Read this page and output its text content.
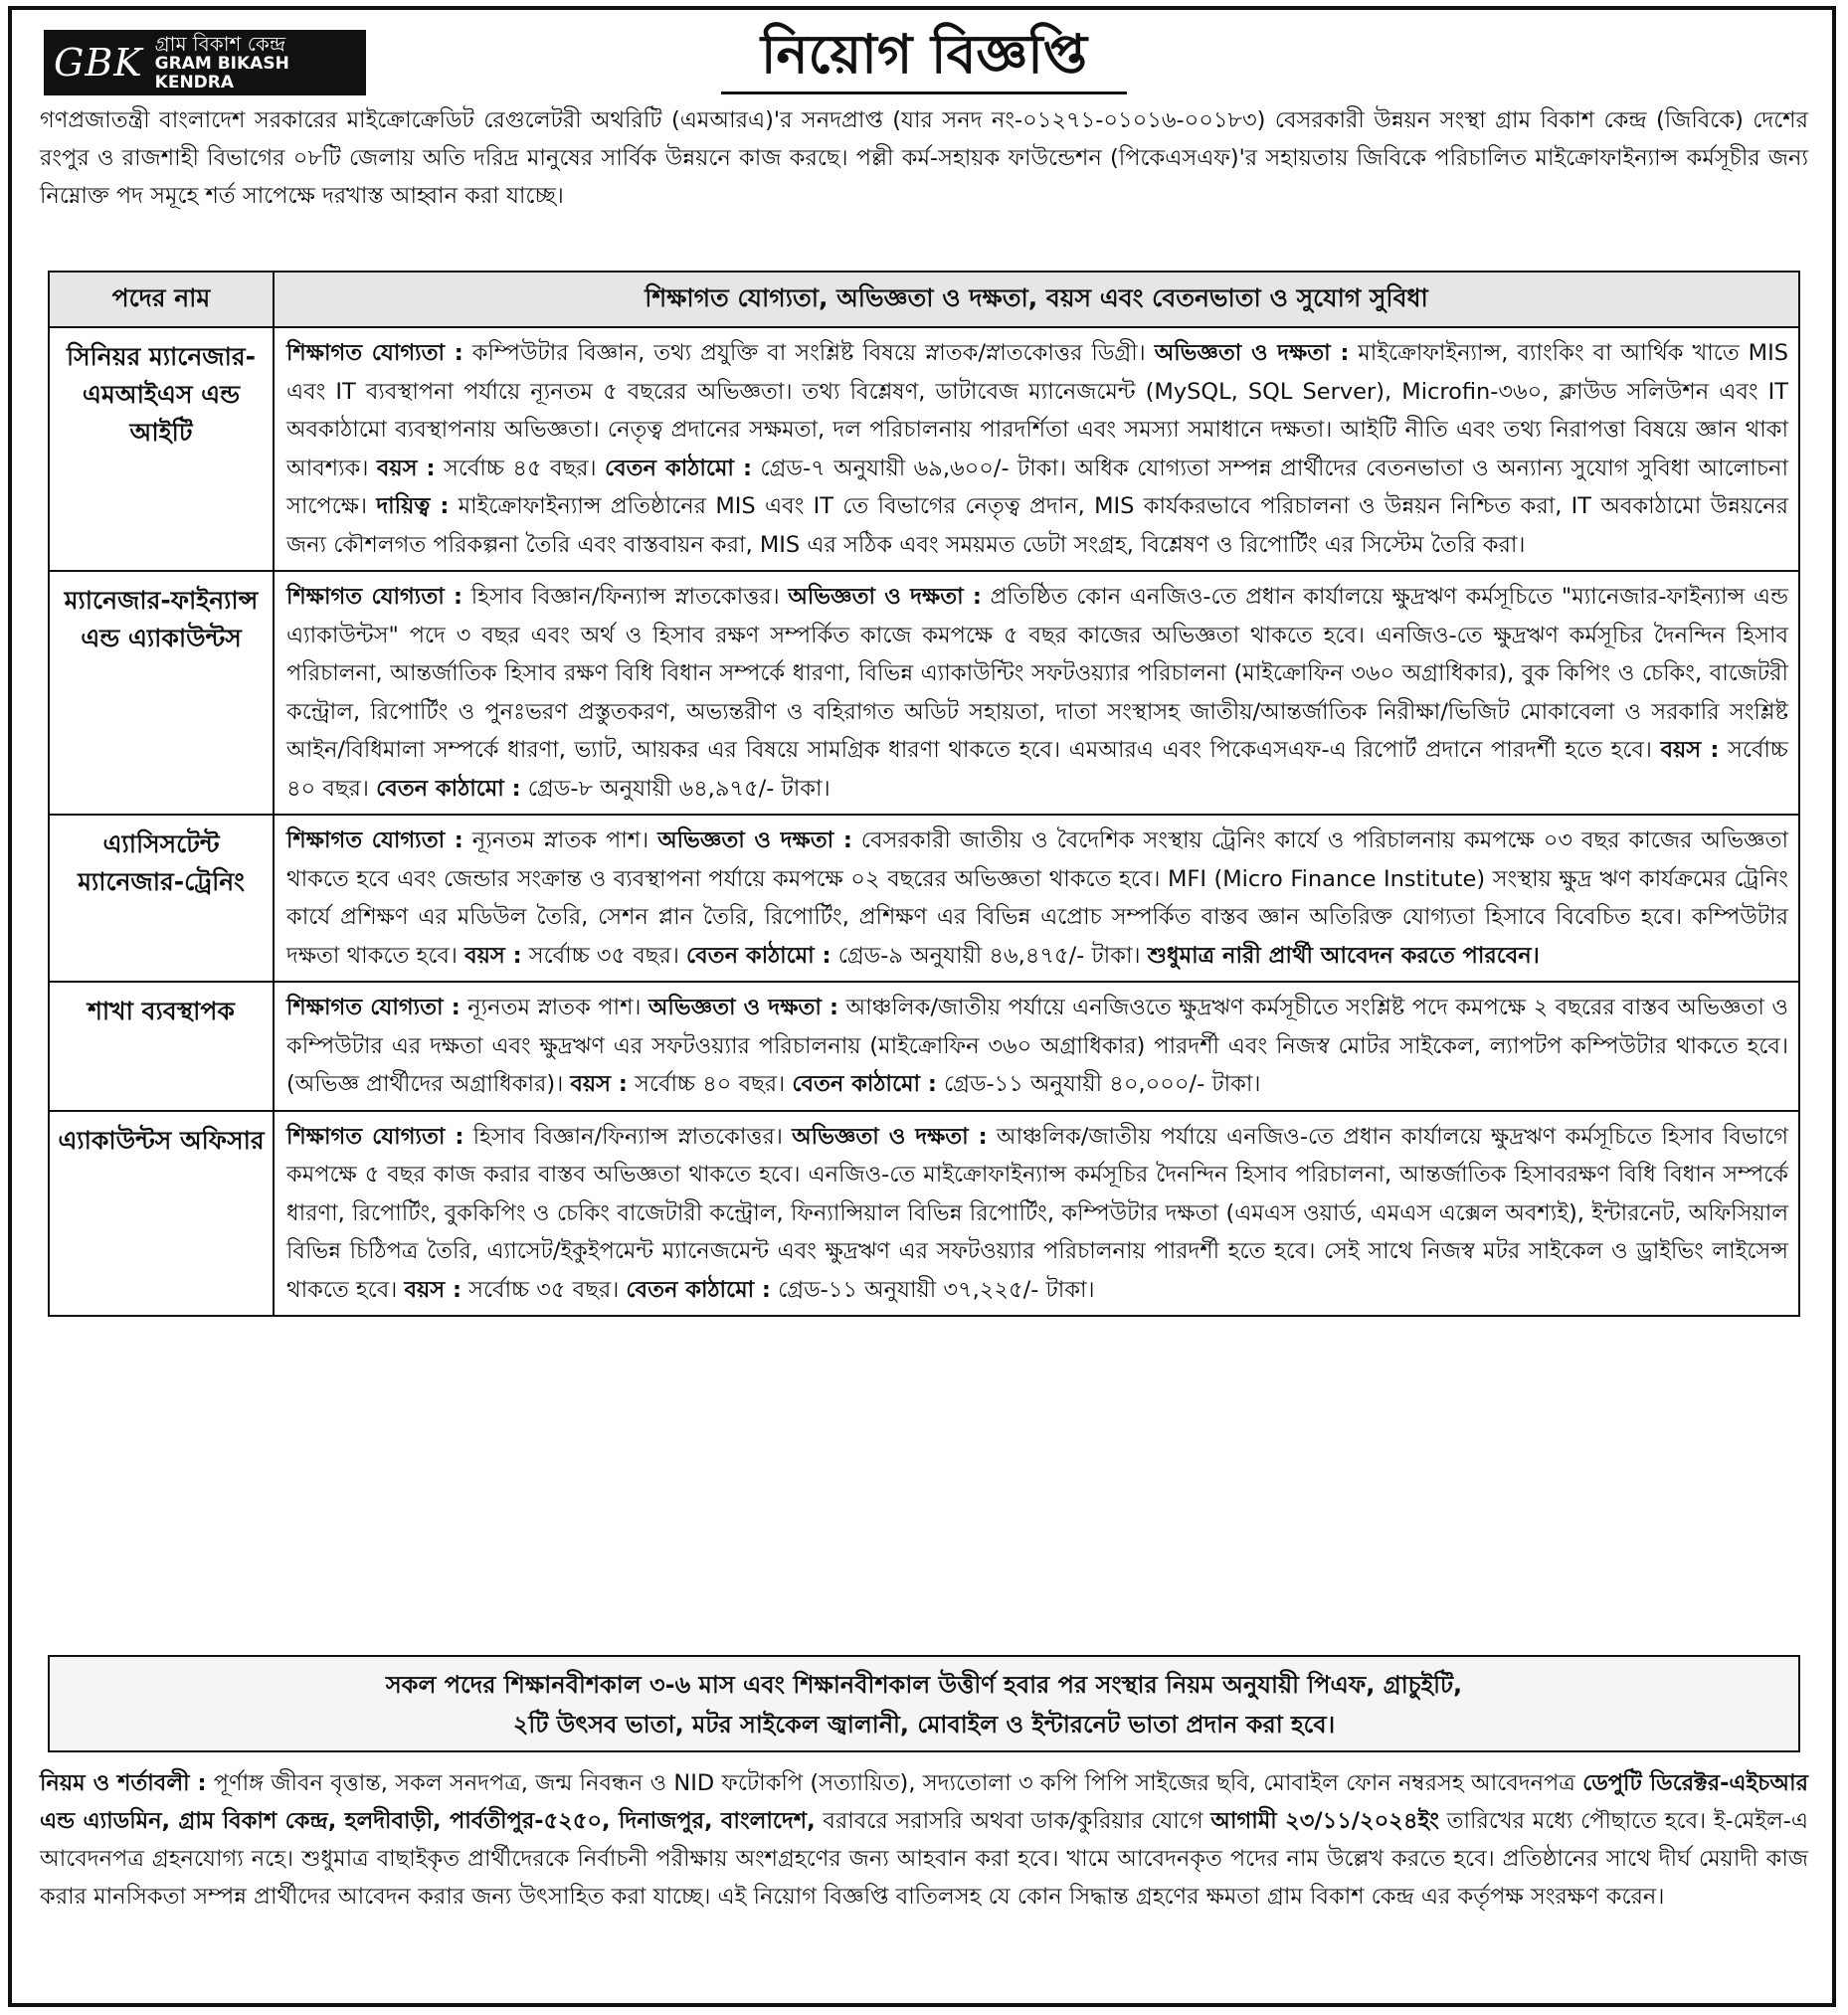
GBK গ্রাম বিকাশ কেন্দ্র
GRAM BIKASH KENDRA	নিয়োগ বিজ্ঞপ্তি

গণপ্রজাতন্ত্রী বাংলাদেশ সরকারের মাইক্রোক্রেডিট রেগুলেটরী অথরিটি (এমআরএ)'র সনদপ্রাপ্ত (যার সনদ নং-০১২৭১-০১০১৬-০০১৮৩) বেসরকারী উন্নয়ন সংস্থা গ্রাম বিকাশ কেন্দ্র (জিবিকে) দেশের রংপুর ও রাজশাহী বিভাগের ০৮টি জেলায় অতি দরিদ্র মানুষের সার্বিক উন্নয়নে কাজ করছে। পল্লী কর্ম-সহায়ক ফাউন্ডেশন (পিকেএসএফ)'র সহায়তায় জিবিকে পরিচালিত মাইক্রোফাইন্যান্স কর্মসূচীর জন্য নিম্নোক্ত পদ সমূহে শর্ত সাপেক্ষে দরখাস্ত আহ্বান করা যাচ্ছে।

পদের নাম	শিক্ষাগত যোগ্যতা, অভিজ্ঞতা ও দক্ষতা, বয়স এবং বেতনভাতা ও সুযোগ সুবিধা
সিনিয়র ম্যানেজার-এমআইএস এন্ড আইটি	শিক্ষাগত যোগ্যতা : কম্পিউটার বিজ্ঞান, তথ্য প্রযুক্তি বা সংশ্লিষ্ট বিষয়ে স্নাতক/স্নাতকোত্তর ডিগ্রী। অভিজ্ঞতা ও দক্ষতা : মাইক্রোফাইন্যান্স, ব্যাংকিং বা আর্থিক খাতে MIS এবং IT ব্যবস্থাপনা পর্যায়ে ন্যূনতম ৫ বছরের অভিজ্ঞতা। তথ্য বিশ্লেষণ, ডাটাবেজ ম্যানেজমেন্ট (MySQL, SQL Server), Microfin-৩৬০, ক্লাউড সলিউশন এবং IT অবকাঠামো ব্যবস্থাপনায় অভিজ্ঞতা। নেতৃত্ব প্রদানের সক্ষমতা, দল পরিচালনায় পারদর্শিতা এবং সমস্যা সমাধানে দক্ষতা। আইটি নীতি এবং তথ্য নিরাপত্তা বিষয়ে জ্ঞান থাকা আবশ্যক। বয়স : সর্বোচ্চ ৪৫ বছর। বেতন কাঠামো : গ্রেড-৭ অনুযায়ী ৬৯,৬০০/- টাকা। অধিক যোগ্যতা সম্পন্ন প্রার্থীদের বেতনভাতা ও অন্যান্য সুযোগ সুবিধা আলোচনা সাপেক্ষে। দায়িত্ব : মাইক্রোফাইন্যান্স প্রতিষ্ঠানের MIS এবং IT তে বিভাগের নেতৃত্ব প্রদান, MIS কার্যকরভাবে পরিচালনা ও উন্নয়ন নিশ্চিত করা, IT অবকাঠামো উন্নয়নের জন্য কৌশলগত পরিকল্পনা তৈরি এবং বাস্তবায়ন করা, MIS এর সঠিক এবং সময়মত ডেটা সংগ্রহ, বিশ্লেষণ ও রিপোর্টিং এর সিস্টেম তৈরি করা।
ম্যানেজার-ফাইন্যান্স এন্ড এ্যাকাউন্টস	শিক্ষাগত যোগ্যতা : হিসাব বিজ্ঞান/ফিন্যান্স স্নাতকোত্তর। অভিজ্ঞতা ও দক্ষতা : প্রতিষ্ঠিত কোন এনজিও-তে প্রধান কার্যালয়ে ক্ষুদ্রঋণ কর্মসূচিতে "ম্যানেজার-ফাইন্যান্স এন্ড এ্যাকাউন্টস" পদে ৩ বছর এবং অর্থ ও হিসাব রক্ষণ সম্পর্কিত কাজে কমপক্ষে ৫ বছর কাজের অভিজ্ঞতা থাকতে হবে। এনজিও-তে ক্ষুদ্রঋণ কর্মসূচির দৈনন্দিন হিসাব পরিচালনা, আন্তর্জাতিক হিসাব রক্ষণ বিধি বিধান সম্পর্কে ধারণা, বিভিন্ন এ্যাকাউন্টিং সফটওয়্যার পরিচালনা (মাইক্রোফিন ৩৬০ অগ্রাধিকার), বুক কিপিং ও চেকিং, বাজেটরী কন্ট্রোল, রিপোর্টিং ও পুনঃভরণ প্রস্তুতকরণ, অভ্যন্তরীণ ও বহিরাগত অডিট সহায়তা, দাতা সংস্থাসহ জাতীয়/আন্তর্জাতিক নিরীক্ষা/ভিজিট মোকাবেলা ও সরকারি সংশ্লিষ্ট আইন/বিধিমালা সম্পর্কে ধারণা, ভ্যাট, আয়কর এর বিষয়ে সামগ্রিক ধারণা থাকতে হবে। এমআরএ এবং পিকেএসএফ-এ রিপোর্ট প্রদানে পারদর্শী হতে হবে। বয়স : সর্বোচ্চ ৪০ বছর। বেতন কাঠামো : গ্রেড-৮ অনুযায়ী ৬৪,৯৭৫/- টাকা।
এ্যাসিসটেন্ট ম্যানেজার-ট্রেনিং	শিক্ষাগত যোগ্যতা : ন্যূনতম স্নাতক পাশ। অভিজ্ঞতা ও দক্ষতা : বেসরকারী জাতীয় ও বৈদেশিক সংস্থায় ট্রেনিং কার্যে ও পরিচালনায় কমপক্ষে ০৩ বছর কাজের অভিজ্ঞতা থাকতে হবে এবং জেন্ডার সংক্রান্ত ও ব্যবস্থাপনা পর্যায়ে কমপক্ষে ০২ বছরের অভিজ্ঞতা থাকতে হবে। MFI (Micro Finance Institute) সংস্থায় ক্ষুদ্র ঋণ কার্যক্রমের ট্রেনিং কার্যে প্রশিক্ষণ এর মডিউল তৈরি, সেশন প্লান তৈরি, রিপোর্টিং, প্রশিক্ষণ এর বিভিন্ন এপ্রোচ সম্পর্কিত বাস্তব জ্ঞান অতিরিক্ত যোগ্যতা হিসাবে বিবেচিত হবে। কম্পিউটার দক্ষতা থাকতে হবে। বয়স : সর্বোচ্চ ৩৫ বছর। বেতন কাঠামো : গ্রেড-৯ অনুযায়ী ৪৬,৪৭৫/- টাকা। শুধুমাত্র নারী প্রার্থী আবেদন করতে পারবেন।
শাখা ব্যবস্থাপক	শিক্ষাগত যোগ্যতা : ন্যূনতম স্নাতক পাশ। অভিজ্ঞতা ও দক্ষতা : আঞ্চলিক/জাতীয় পর্যায়ে এনজিওতে ক্ষুদ্রঋণ কর্মসূচীতে সংশ্লিষ্ট পদে কমপক্ষে ২ বছরের বাস্তব অভিজ্ঞতা ও কম্পিউটার এর দক্ষতা এবং ক্ষুদ্রঋণ এর সফটওয়্যার পরিচালনায় (মাইক্রোফিন ৩৬০ অগ্রাধিকার) পারদর্শী এবং নিজস্ব মোটর সাইকেল, ল্যাপটপ কম্পিউটার থাকতে হবে। (অভিজ্ঞ প্রার্থীদের অগ্রাধিকার)। বয়স : সর্বোচ্চ ৪০ বছর। বেতন কাঠামো : গ্রেড-১১ অনুযায়ী ৪০,০০০/- টাকা।
এ্যাকাউন্টস অফিসার	শিক্ষাগত যোগ্যতা : হিসাব বিজ্ঞান/ফিন্যান্স স্নাতকোত্তর। অভিজ্ঞতা ও দক্ষতা : আঞ্চলিক/জাতীয় পর্যায়ে এনজিও-তে প্রধান কার্যালয়ে ক্ষুদ্রঋণ কর্মসূচিতে হিসাব বিভাগে কমপক্ষে ৫ বছর কাজ করার বাস্তব অভিজ্ঞতা থাকতে হবে। এনজিও-তে মাইক্রোফাইন্যান্স কর্মসূচির দৈনন্দিন হিসাব পরিচালনা, আন্তর্জাতিক হিসাবরক্ষণ বিধি বিধান সম্পর্কে ধারণা, রিপোর্টিং, বুককিপিং ও চেকিং বাজেটারী কন্ট্রোল, ফিন্যান্সিয়াল বিভিন্ন রিপোর্টিং, কম্পিউটার দক্ষতা (এমএস ওয়ার্ড, এমএস এক্সেল অবশ্যই), ইন্টারনেট, অফিসিয়াল বিভিন্ন চিঠিপত্র তৈরি, এ্যাসেট/ইকুইপমেন্ট ম্যানেজমেন্ট এবং ক্ষুদ্রঋণ এর সফটওয়্যার পরিচালনায় পারদর্শী হতে হবে। সেই সাথে নিজস্ব মটর সাইকেল ও ড্রাইভিং লাইসেন্স থাকতে হবে। বয়স : সর্বোচ্চ ৩৫ বছর। বেতন কাঠামো : গ্রেড-১১ অনুযায়ী ৩৭,২২৫/- টাকা।
সকল পদের শিক্ষানবীশকাল ৩-৬ মাস এবং শিক্ষানবীশকাল উত্তীর্ণ হবার পর সংস্থার নিয়ম অনুযায়ী পিএফ, গ্রাচুইটি,
২টি উৎসব ভাতা, মটর সাইকেল জ্বালানী, মোবাইল ও ইন্টারনেট ভাতা প্রদান করা হবে।

নিয়ম ও শর্তাবলী : পূর্ণাঙ্গ জীবন বৃত্তান্ত, সকল সনদপত্র, জন্ম নিবন্ধন ও NID ফটোকপি (সত্যায়িত), সদ্যতোলা ৩ কপি পিপি সাইজের ছবি, মোবাইল ফোন নম্বরসহ আবেদনপত্র ডেপুটি ডিরেক্টর-এইচআর এন্ড এ্যাডমিন, গ্রাম বিকাশ কেন্দ্র, হলদীবাড়ী, পার্বতীপুর-৫২৫০, দিনাজপুর, বাংলাদেশ, বরাবরে সরাসরি অথবা ডাক/কুরিয়ার যোগে আগামী ২৩/১১/২০২৪ইং তারিখের মধ্যে পৌছাতে হবে। ই-মেইল-এ আবেদনপত্র গ্রহনযোগ্য নহে। শুধুমাত্র বাছাইকৃত প্রার্থীদেরকে নির্বাচনী পরীক্ষায় অংশগ্রহণের জন্য আহবান করা হবে। খামে আবেদনকৃত পদের নাম উল্লেখ করতে হবে। প্রতিষ্ঠানের সাথে দীর্ঘ মেয়াদী কাজ করার মানসিকতা সম্পন্ন প্রার্থীদের আবেদন করার জন্য উৎসাহিত করা যাচ্ছে। এই নিয়োগ বিজ্ঞপ্তি বাতিলসহ যে কোন সিদ্ধান্ত গ্রহণের ক্ষমতা গ্রাম বিকাশ কেন্দ্র এর কর্তৃপক্ষ সংরক্ষণ করেন।
